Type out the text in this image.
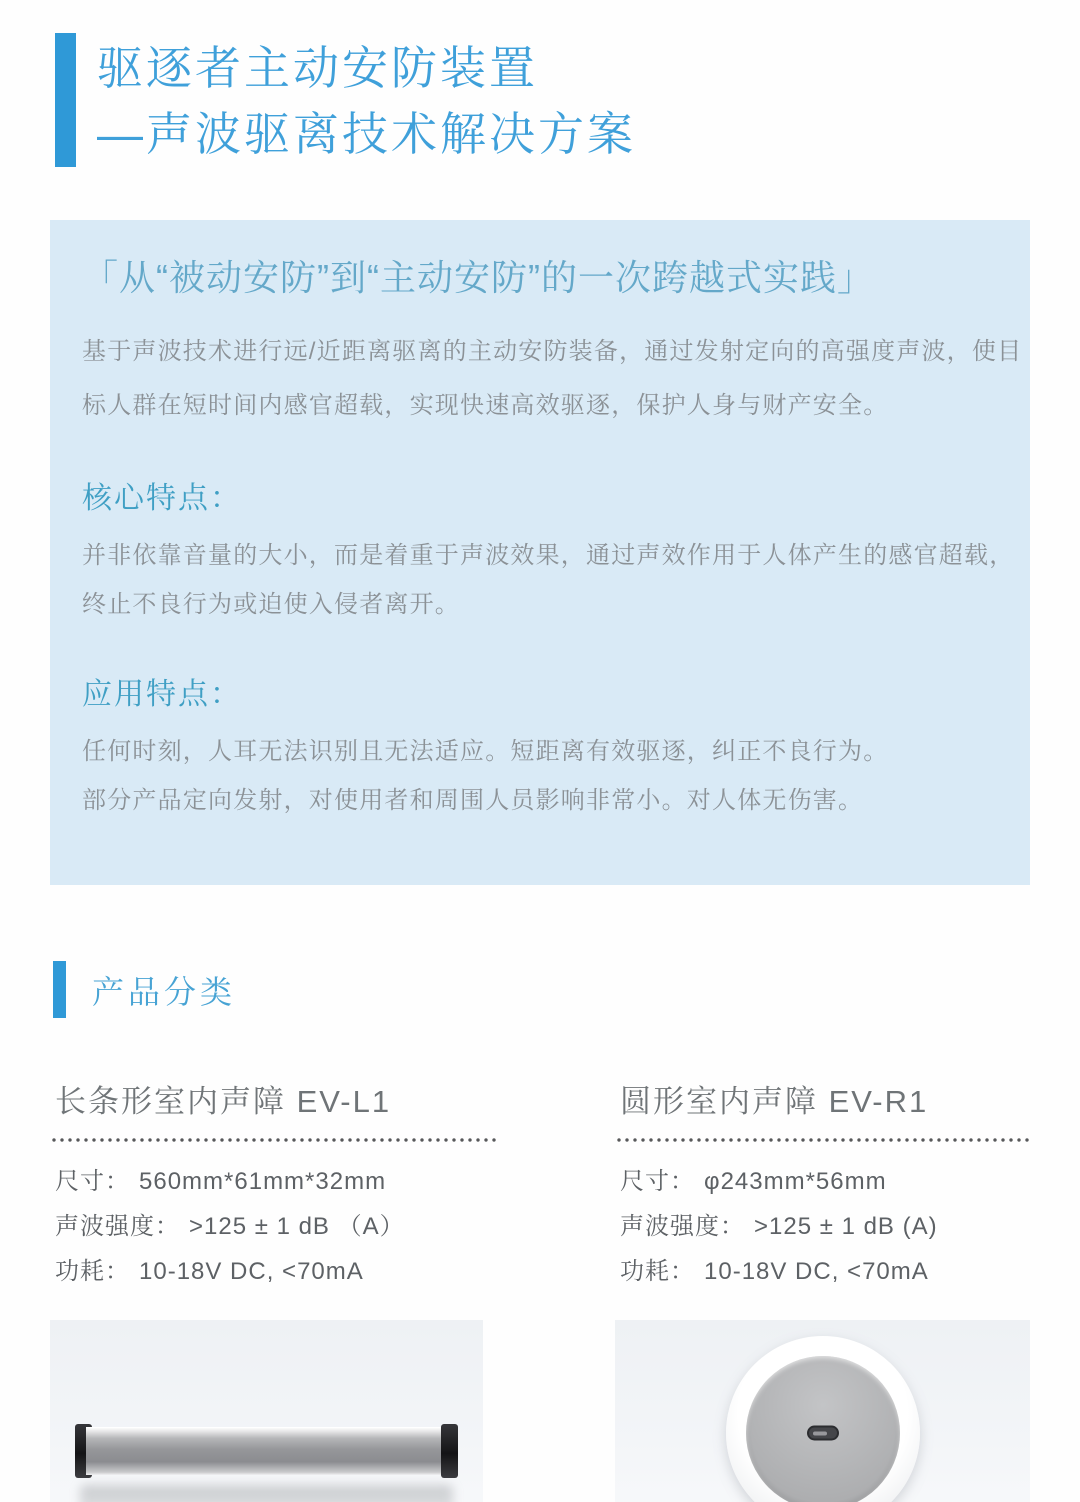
驱逐者主动安防装置
—声波驱离技术解决方案

「从“被动安防”到“主动安防”的一次跨越式实践」

基于声波技术进行远/近距离驱离的主动安防装备，通过发射定向的高强度声波，使目

标人群在短时间内感官超载，实现快速高效驱逐，保护人身与财产安全。

核心特点：

并非依靠音量的大小，而是着重于声波效果，通过声效作用于人体产生的感官超载，

终止不良行为或迫使入侵者离开。

应用特点：

任何时刻，人耳无法识别且无法适应。短距离有效驱逐，纠正不良行为。

部分产品定向发射，对使用者和周围人员影响非常小。对人体无伤害。

产品分类
长条形室内声障 EV-L1
尺寸： 560mm*61mm*32mm
声波强度： >125 ± 1 dB （A）
功耗： 10-18V DC, <70mA
圆形室内声障 EV-R1
尺寸： φ243mm*56mm
声波强度： >125 ± 1 dB (A)
功耗： 10-18V DC, <70mA
